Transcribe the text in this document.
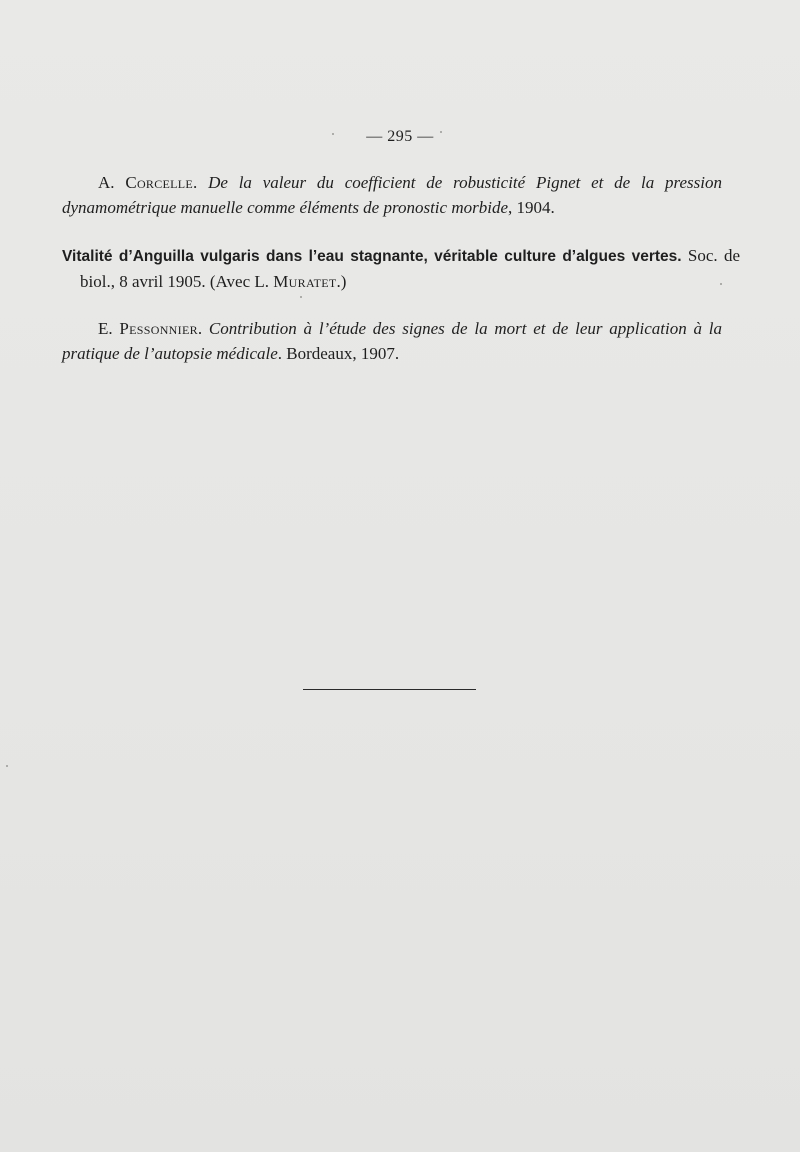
— 295 —
A. Corcelle. De la valeur du coefficient de robusticité Pignet et de la pression dynamométrique manuelle comme éléments de pronostic morbide, 1904.
Vitalité d’Anguilla vulgaris dans l’eau stagnante, véritable culture d’algues vertes. Soc. de biol., 8 avril 1905. (Avec L. Muratet.)
E. Pessonnier. Contribution à l’étude des signes de la mort et de leur application à la pratique de l’autopsie médicale. Bordeaux, 1907.
